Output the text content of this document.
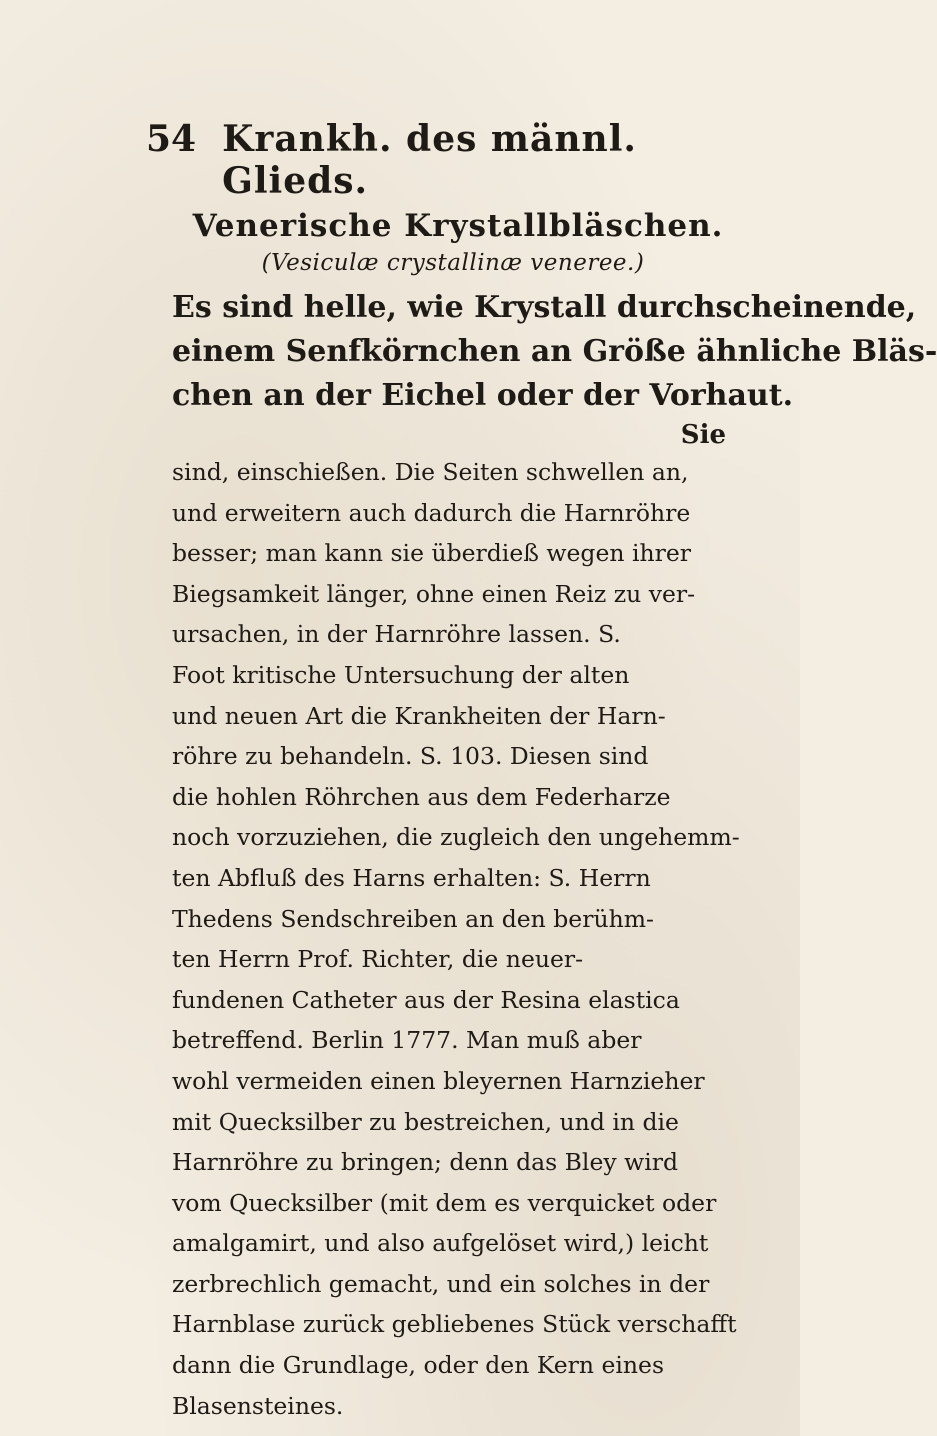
54 Krankh. des männl. Glieds.
Venerische Krystallbläschen.
(Vesiculæ crystallinæ veneree.)

Es sind helle, wie Krystall durchscheinende,
einem Senfkörnchen an Größe ähnliche Bläs-
chen an der Eichel oder der Vorhaut.

Sie

sind, einschießen. Die Seiten schwellen an,
und erweitern auch dadurch die Harnröhre
besser; man kann sie überdieß wegen ihrer
Biegsamkeit länger, ohne einen Reiz zu ver-
ursachen, in der Harnröhre lassen. S.
Foot kritische Untersuchung der alten
und neuen Art die Krankheiten der Harn-
röhre zu behandeln. S. 103. Diesen sind
die hohlen Röhrchen aus dem Federharze
noch vorzuziehen, die zugleich den ungehemm-
ten Abfluß des Harns erhalten: S. Herrn
Thedens Sendschreiben an den berühm-
ten Herrn Prof. Richter, die neuer-
fundenen Catheter aus der Resina elastica
betreffend. Berlin 1777. Man muß aber
wohl vermeiden einen bleyernen Harnzieher
mit Quecksilber zu bestreichen, und in die
Harnröhre zu bringen; denn das Bley wird
vom Quecksilber (mit dem es verquicket oder
amalgamirt, und also aufgelöset wird,) leicht
zerbrechlich gemacht, und ein solches in der
Harnblase zurück gebliebenes Stück verschafft
dann die Grundlage, oder den Kern eines
Blasensteines.
